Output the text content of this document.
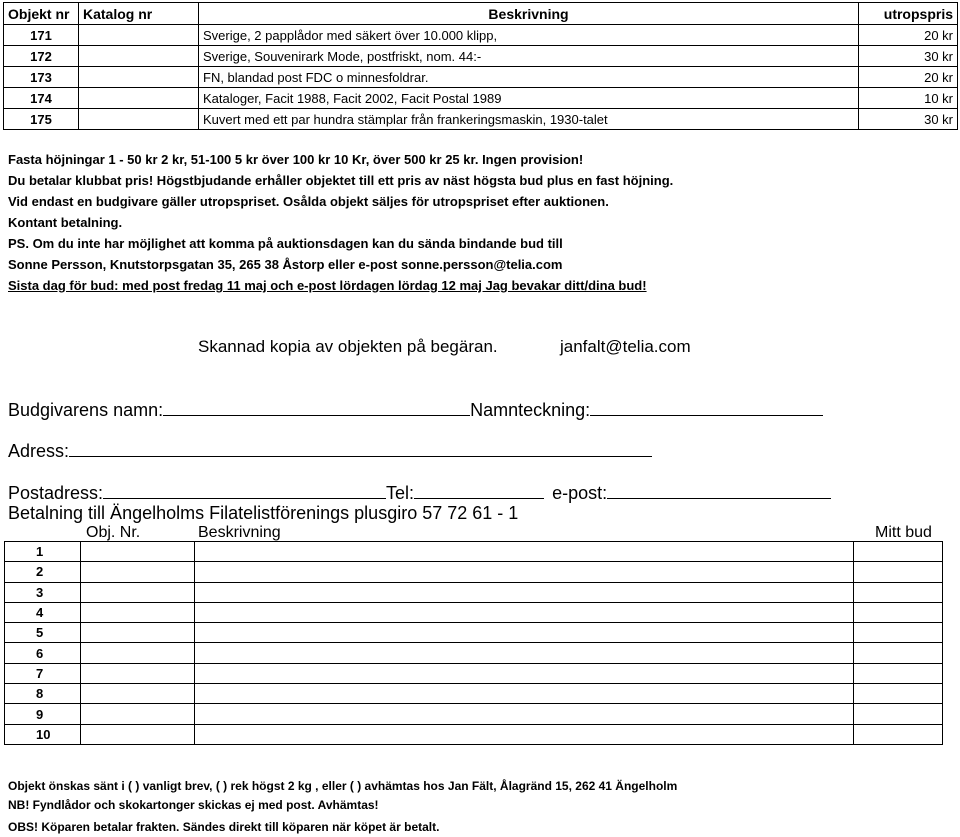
Objekt nr	Katalog nr	Beskrivning	utropspris
171		Sverige, 2 papplådor med säkert över 10.000 klipp,	20 kr
172		Sverige, Souvenirark Mode, postfriskt, nom. 44:-	30 kr
173		FN, blandad post FDC o minnesfoldrar.	20 kr
174		Kataloger, Facit 1988, Facit 2002, Facit Postal 1989	10 kr
175		Kuvert med ett par hundra stämplar från frankeringsmaskin, 1930-talet	30 kr
Fasta höjningar 1 - 50 kr 2 kr, 51-100 5 kr över 100 kr 10 Kr, över 500 kr 25 kr. Ingen provision!
Du betalar klubbat pris! Högstbjudande erhåller objektet till ett pris av näst högsta bud plus en fast höjning.
Vid endast en budgivare gäller utropspriset. Osålda objekt säljes för utropspriset efter auktionen.
Kontant betalning.
PS. Om du inte har möjlighet att komma på auktionsdagen kan du sända bindande bud till
Sonne Persson, Knutstorpsgatan 35, 265 38 Åstorp eller e-post sonne.persson@telia.com
Sista dag för bud: med post fredag 11 maj och e-post lördagen lördag 12 maj Jag bevakar ditt/dina bud!
Skannad kopia av objekten på begäran.	janfalt@telia.com
Budgivarens namn:	Namnteckning:
Adress:
Postadress:	Tel:	e-post:
Betalning till Ängelholms Filatelistförenings plusgiro 57 72 61 - 1
Obj. Nr.	Beskrivning	Mitt bud
1			
2			
3			
4			
5			
6			
7			
8			
9			
10			
Objekt önskas sänt i ( ) vanligt brev, ( ) rek högst 2 kg , eller ( ) avhämtas hos Jan Fält, Ålagränd 15, 262 41 Ängelholm
NB! Fyndlådor och skokartonger skickas ej med post. Avhämtas!
OBS! Köparen betalar frakten. Sändes direkt till köparen när köpet är betalt.
